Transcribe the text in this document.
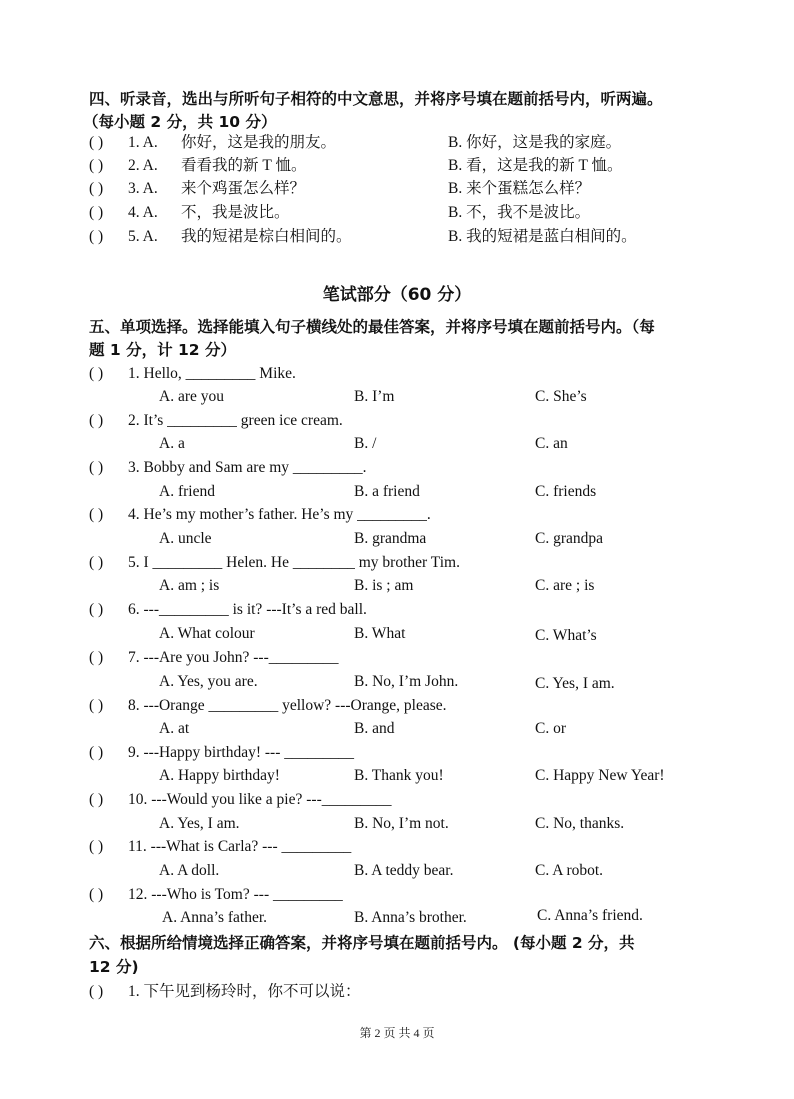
四、听录音，选出与所听句子相符的中文意思，并将序号填在题前括号内，听两遍。
（每小题 2 分，共 10 分）
( ) 1. A. 你好，这是我的朋友。	B. 你好，这是我的家庭。
( ) 2. A. 看看我的新 T 恤。	B. 看，这是我的新 T 恤。
( ) 3. A. 来个鸡蛋怎么样？	B. 来个蛋糕怎么样？
( ) 4. A. 不，我是波比。	B. 不，我不是波比。
( ) 5. A. 我的短裙是棕白相间的。	B. 我的短裙是蓝白相间的。
笔试部分（60 分）
五、单项选择。选择能填入句子横线处的最佳答案，并将序号填在题前括号内。（每
题 1 分，计 12 分）
( ) 1. Hello, _________ Mike.
A. are you	B. I’m	C. She’s
( ) 2. It’s _________ green ice cream.
A. a	B. /	C. an
( ) 3. Bobby and Sam are my _________.
A. friend	B. a friend	C. friends
( ) 4. He’s my mother’s father. He’s my _________.
A. uncle	B. grandma	C. grandpa
( ) 5. I _________ Helen. He ________ my brother Tim.
A. am ; is	B. is ; am	C. are ; is
( ) 6. ---_________ is it? ---It’s a red ball.
A. What colour	B. What	C. What’s
( ) 7. ---Are you John? ---_________
A. Yes, you are.	B. No, I’m John.	C. Yes, I am.
( ) 8. ---Orange _________ yellow? ---Orange, please.
A. at	B. and	C. or
( ) 9. ---Happy birthday! --- _________
A. Happy birthday!	B. Thank you!	C. Happy New Year!
( ) 10. ---Would you like a pie? ---_________
A. Yes, I am.	B. No, I’m not.	C. No, thanks.
( ) 11. ---What is Carla? --- _________
A. A doll.	B. A teddy bear.	C. A robot.
( ) 12. ---Who is Tom? --- _________
A. Anna’s father.	B. Anna’s brother.	C. Anna’s friend.
六、根据所给情境选择正确答案，并将序号填在题前括号内。 (每小题 2 分，共
12 分)
( ) 1. 下午见到杨玲时，你不可以说：
第 2 页 共 4 页
